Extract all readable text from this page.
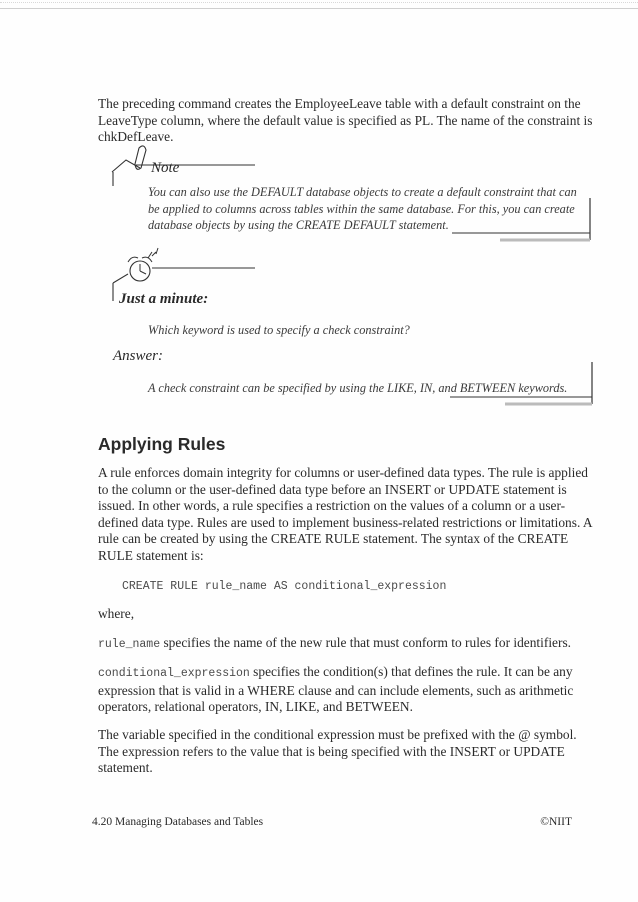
The preceding command creates the EmployeeLeave table with a default constraint on the LeaveType column, where the default value is specified as PL. The name of the constraint is chkDefLeave.
Note
You can also use the DEFAULT database objects to create a default constraint that can be applied to columns across tables within the same database. For this, you can create database objects by using the CREATE DEFAULT statement.
Just a minute:
Which keyword is used to specify a check constraint?
Answer:
A check constraint can be specified by using the LIKE, IN, and BETWEEN keywords.
Applying Rules
A rule enforces domain integrity for columns or user-defined data types. The rule is applied to the column or the user-defined data type before an INSERT or UPDATE statement is issued. In other words, a rule specifies a restriction on the values of a column or a user-defined data type. Rules are used to implement business-related restrictions or limitations. A rule can be created by using the CREATE RULE statement. The syntax of the CREATE RULE statement is:
CREATE RULE rule_name AS conditional_expression
where,
rule_name specifies the name of the new rule that must conform to rules for identifiers.
conditional_expression specifies the condition(s) that defines the rule. It can be any expression that is valid in a WHERE clause and can include elements, such as arithmetic operators, relational operators, IN, LIKE, and BETWEEN.
The variable specified in the conditional expression must be prefixed with the @ symbol. The expression refers to the value that is being specified with the INSERT or UPDATE statement.
4.20 Managing Databases and Tables	©NIIT
